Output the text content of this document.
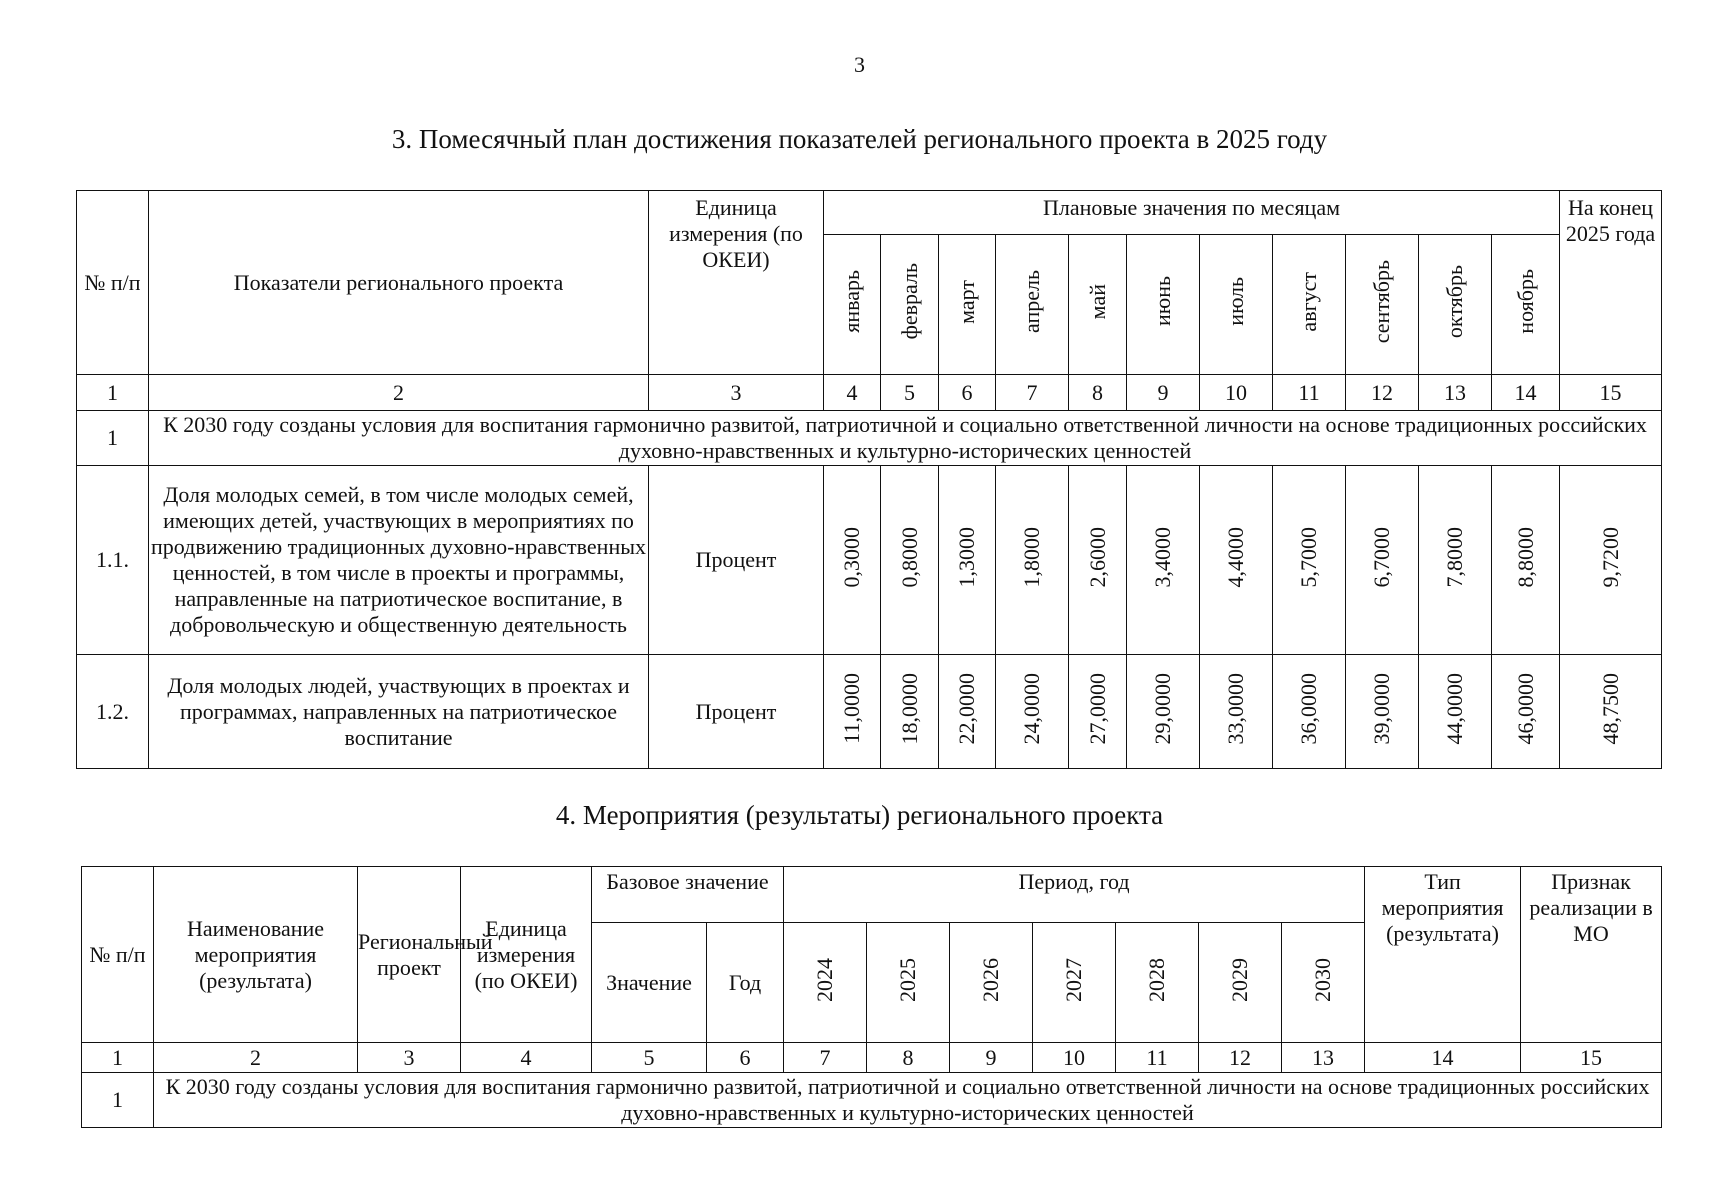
3
3. Помесячный план достижения показателей регионального проекта в 2025 году
№ п/п	Показатели регионального проекта	Единица измерения (по ОКЕИ)	Плановые значения по месяцам											На конец 2025 года
			январь	февраль	март	апрель	май	июнь	июль	август	сентябрь	октябрь	ноябрь	
1	2	3	4	5	6	7	8	9	10	11	12	13	14	15
1	К 2030 году созданы условия для воспитания гармонично развитой, патриотичной и социально ответственной личности на основе традиционных российских духовно-нравственных и культурно-исторических ценностей													
1.1.	Доля молодых семей, в том числе молодых семей, имеющих детей, участвующих в мероприятиях по продвижению традиционных духовно-нравственных ценностей, в том числе в проекты и программы, направленные на патриотическое воспитание, в добровольческую и общественную деятельность	Процент	0,3000	0,8000	1,3000	1,8000	2,6000	3,4000	4,4000	5,7000	6,7000	7,8000	8,8000	9,7200
1.2.	Доля молодых людей, участвующих в проектах и программах, направленных на патриотическое воспитание	Процент	11,0000	18,0000	22,0000	24,0000	27,0000	29,0000	33,0000	36,0000	39,0000	44,0000	46,0000	48,7500
4. Мероприятия (результаты) регионального проекта
№ п/п	Наименование мероприятия (результата)	Региональный проект	Единица измерения (по ОКЕИ)	Базовое значение		Период, год							Тип мероприятия (результата)	Признак реализации в МО
				Значение	Год	2024	2025	2026	2027	2028	2029	2030		
1	2	3	4	5	6	7	8	9	10	11	12	13	14	15
1	К 2030 году созданы условия для воспитания гармонично развитой, патриотичной и социально ответственной личности на основе традиционных российских духовно-нравственных и культурно-исторических ценностей													
